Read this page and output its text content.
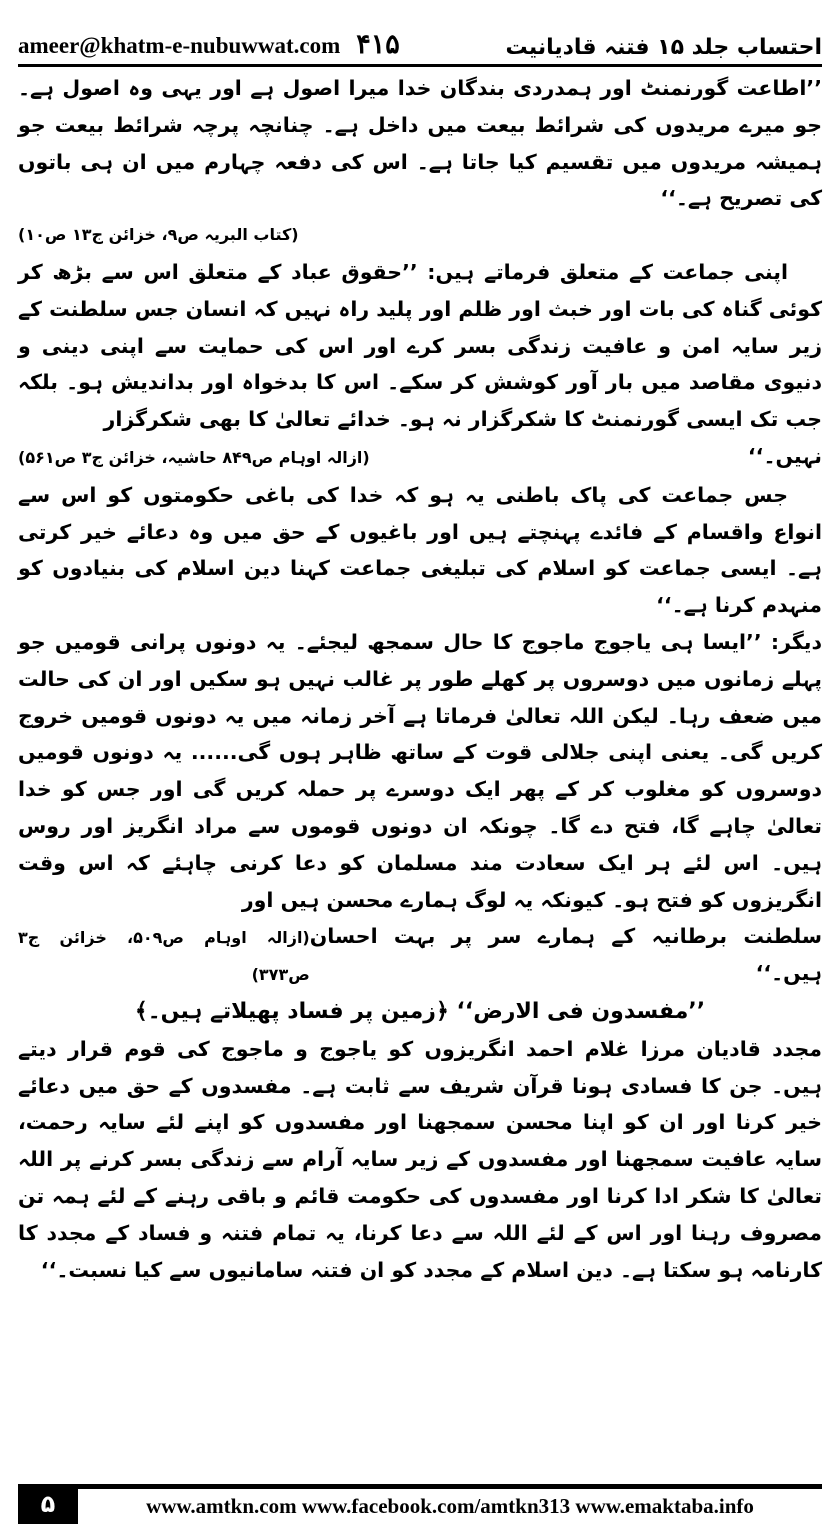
ameer@khatm-e-nubuwwat.com ۴۱۵	احتساب جلد ۱۵ فتنہ قادیانیت

’’اطاعت گورنمنٹ اور ہمدردی بندگان خدا میرا اصول ہے اور یہی وہ اصول ہے۔ جو میرے مریدوں کی شرائط بیعت میں داخل ہے۔ چنانچہ پرچہ شرائط بیعت جو ہمیشہ مریدوں میں تقسیم کیا جاتا ہے۔ اس کی دفعہ چہارم میں ان ہی باتوں کی تصریح ہے۔‘‘

(کتاب البریہ ص۹، خزائن ج۱۳ ص۱۰)

اپنی جماعت کے متعلق فرماتے ہیں: ’’حقوق عباد کے متعلق اس سے بڑھ کر کوئی گناہ کی بات اور خبث اور ظلم اور پلید راہ نہیں کہ انسان جس سلطنت کے زیر سایہ امن و عافیت زندگی بسر کرے اور اس کی حمایت سے اپنی دینی و دنیوی مقاصد میں بار آور کوشش کر سکے۔ اس کا بدخواہ اور بداندیش ہو۔ بلکہ جب تک ایسی گورنمنٹ کا شکرگزار نہ ہو۔ خدائے تعالیٰ کا بھی شکرگزار

نہیں۔‘‘
(ازالہ اوہام ص۸۴۹ حاشیہ، خزائن ج۳ ص۵۶۱)

جس جماعت کی پاک باطنی یہ ہو کہ خدا کی باغی حکومتوں کو اس سے انواع واقسام کے فائدے پہنچتے ہیں اور باغیوں کے حق میں وہ دعائے خیر کرتی ہے۔ ایسی جماعت کو اسلام کی تبلیغی جماعت کہنا دین اسلام کی بنیادوں کو منہدم کرنا ہے۔‘‘

دیگر: ’’ایسا ہی یاجوج ماجوج کا حال سمجھ لیجئے۔ یہ دونوں پرانی قومیں جو پہلے زمانوں میں دوسروں پر کھلے طور پر غالب نہیں ہو سکیں اور ان کی حالت میں ضعف رہا۔ لیکن اللہ تعالیٰ فرماتا ہے آخر زمانہ میں یہ دونوں قومیں خروج کریں گی۔ یعنی اپنی جلالی قوت کے ساتھ ظاہر ہوں گی...... یہ دونوں قومیں دوسروں کو مغلوب کر کے پھر ایک دوسرے پر حملہ کریں گی اور جس کو خدا تعالیٰ چاہے گا، فتح دے گا۔ چونکہ ان دونوں قوموں سے مراد انگریز اور روس ہیں۔ اس لئے ہر ایک سعادت مند مسلمان کو دعا کرنی چاہئے کہ اس وقت انگریزوں کو فتح ہو۔ کیونکہ یہ لوگ ہمارے محسن ہیں اور

سلطنت برطانیہ کے ہمارے سر پر بہت احسان ہیں۔‘‘
(ازالہ اوہام ص۵۰۹، خزائن ج۳ ص۳۷۳)

’’مفسدون فی الارض‘‘ ﴿زمین پر فساد پھیلاتے ہیں۔﴾

مجدد قادیان مرزا غلام احمد انگریزوں کو یاجوج و ماجوج کی قوم قرار دیتے ہیں۔ جن کا فسادی ہونا قرآن شریف سے ثابت ہے۔ مفسدوں کے حق میں دعائے خیر کرنا اور ان کو اپنا محسن سمجھنا اور مفسدوں کو اپنے لئے سایہ رحمت، سایہ عافیت سمجھنا اور مفسدوں کے زیر سایہ آرام سے زندگی بسر کرنے پر اللہ تعالیٰ کا شکر ادا کرنا اور مفسدوں کی حکومت قائم و باقی رہنے کے لئے ہمہ تن مصروف رہنا اور اس کے لئے اللہ سے دعا کرنا، یہ تمام فتنہ و فساد کے مجدد کا کارنامہ ہو سکتا ہے۔ دین اسلام کے مجدد کو ان فتنہ سامانیوں سے کیا نسبت۔‘‘

۵	www.amtkn.com www.facebook.com/amtkn313 www.emaktaba.info
